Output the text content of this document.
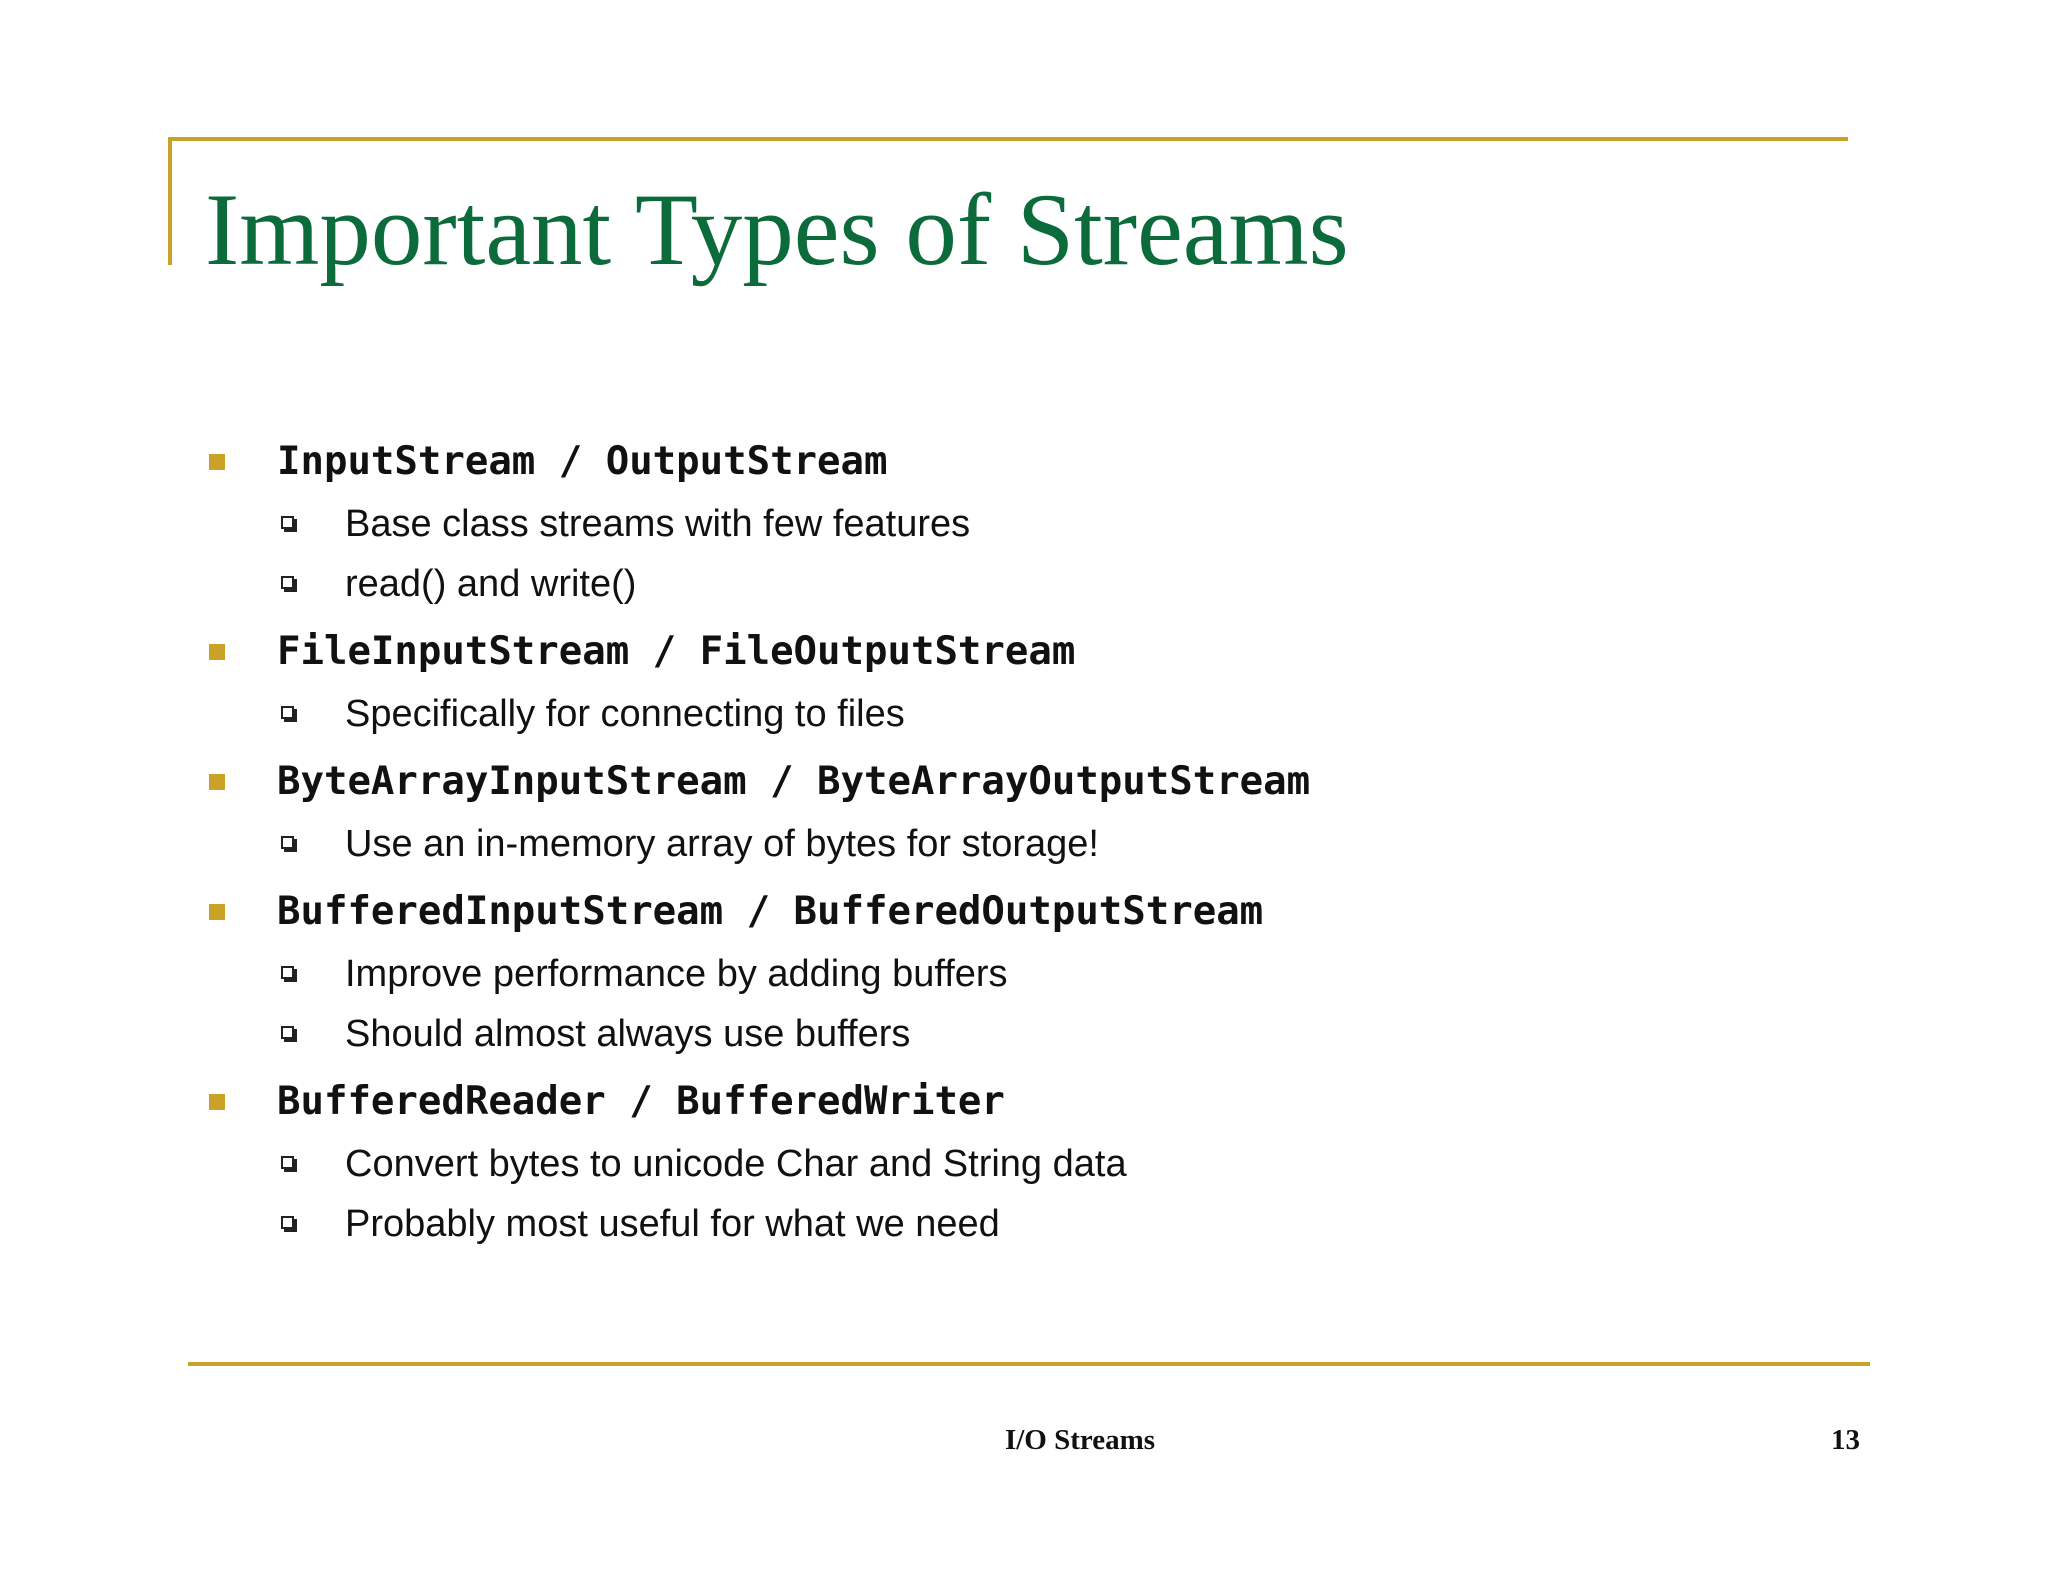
Important Types of Streams
InputStream / OutputStream
Base class streams with few features
read() and write()
FileInputStream / FileOutputStream
Specifically for connecting to files
ByteArrayInputStream / ByteArrayOutputStream
Use an in-memory array of bytes for storage!
BufferedInputStream / BufferedOutputStream
Improve performance by adding buffers
Should almost always use buffers
BufferedReader / BufferedWriter
Convert bytes to unicode Char and String data
Probably most useful for what we need
I/O Streams	13
